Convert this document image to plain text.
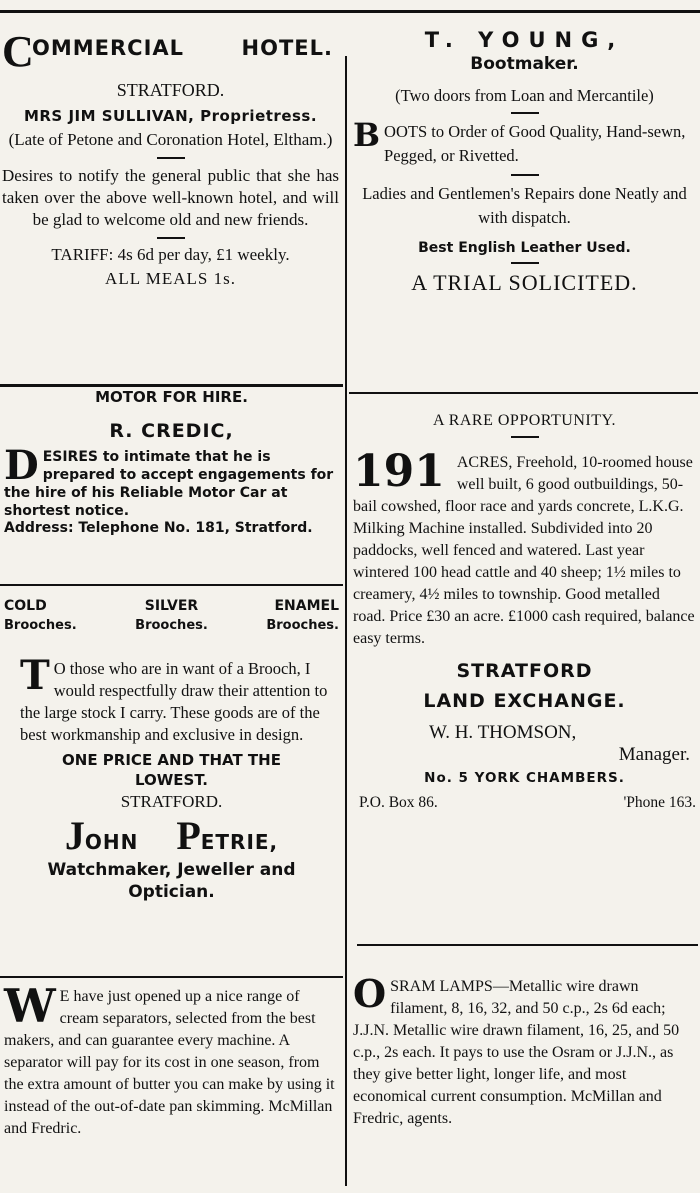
C
OMMERCIAL	HOTEL.

STRATFORD.

MRS JIM SULLIVAN, Proprietress.

(Late of Petone and Coronation Hotel, Eltham.)

Desires to notify the general public that she has taken over the above well-known hotel, and will be glad to welcome old and new friends.

TARIFF: 4s 6d per day, £1 weekly.

ALL MEALS 1s.

MOTOR FOR HIRE.

R. CREDIC,

D ESIRES to intimate that he is prepared to accept engagements for the hire of his Reliable Motor Car at shortest notice.

Address: Telephone No. 181, Stratford.

COLD
Brooches.
SILVER
Brooches.
ENAMEL
Brooches.
T O those who are in want of a Brooch, I would respectfully draw their attention to the large stock I carry. These goods are of the best workmanship and exclusive in design.

ONE PRICE AND THAT THE LOWEST.

STRATFORD.

JOHN PETRIE,

Watchmaker, Jeweller and Optician.

W E have just opened up a nice range of cream separators, selected from the best makers, and can guarantee every machine. A separator will pay for its cost in one season, from the extra amount of butter you can make by using it instead of the out-of-date pan skimming. McMillan and Fredric.

T. YOUNG,

Bootmaker.

(Two doors from Loan and Mercantile)

B OOTS to Order of Good Quality, Hand-sewn, Pegged, or Rivetted.

Ladies and Gentlemen's Repairs done Neatly and with dispatch.

Best English Leather Used.

A TRIAL SOLICITED.

A RARE OPPORTUNITY.

191 ACRES, Freehold, 10-roomed house well built, 6 good outbuildings, 50-bail cowshed, floor race and yards concrete, L.K.G. Milking Machine installed. Subdivided into 20 paddocks, well fenced and watered. Last year wintered 100 head cattle and 40 sheep; 1½ miles to creamery, 4½ miles to township. Good metalled road. Price £30 an acre. £1000 cash required, balance easy terms.

STRATFORD

LAND EXCHANGE.

W. H. THOMSON,

Manager.

No. 5 YORK CHAMBERS.

P.O. Box 86.	'Phone 163.
O SRAM LAMPS—Metallic wire drawn filament, 8, 16, 32, and 50 c.p., 2s 6d each; J.J.N. Metallic wire drawn filament, 16, 25, and 50 c.p., 2s each. It pays to use the Osram or J.J.N., as they give better light, longer life, and most economical current consumption. McMillan and Fredric, agents.
